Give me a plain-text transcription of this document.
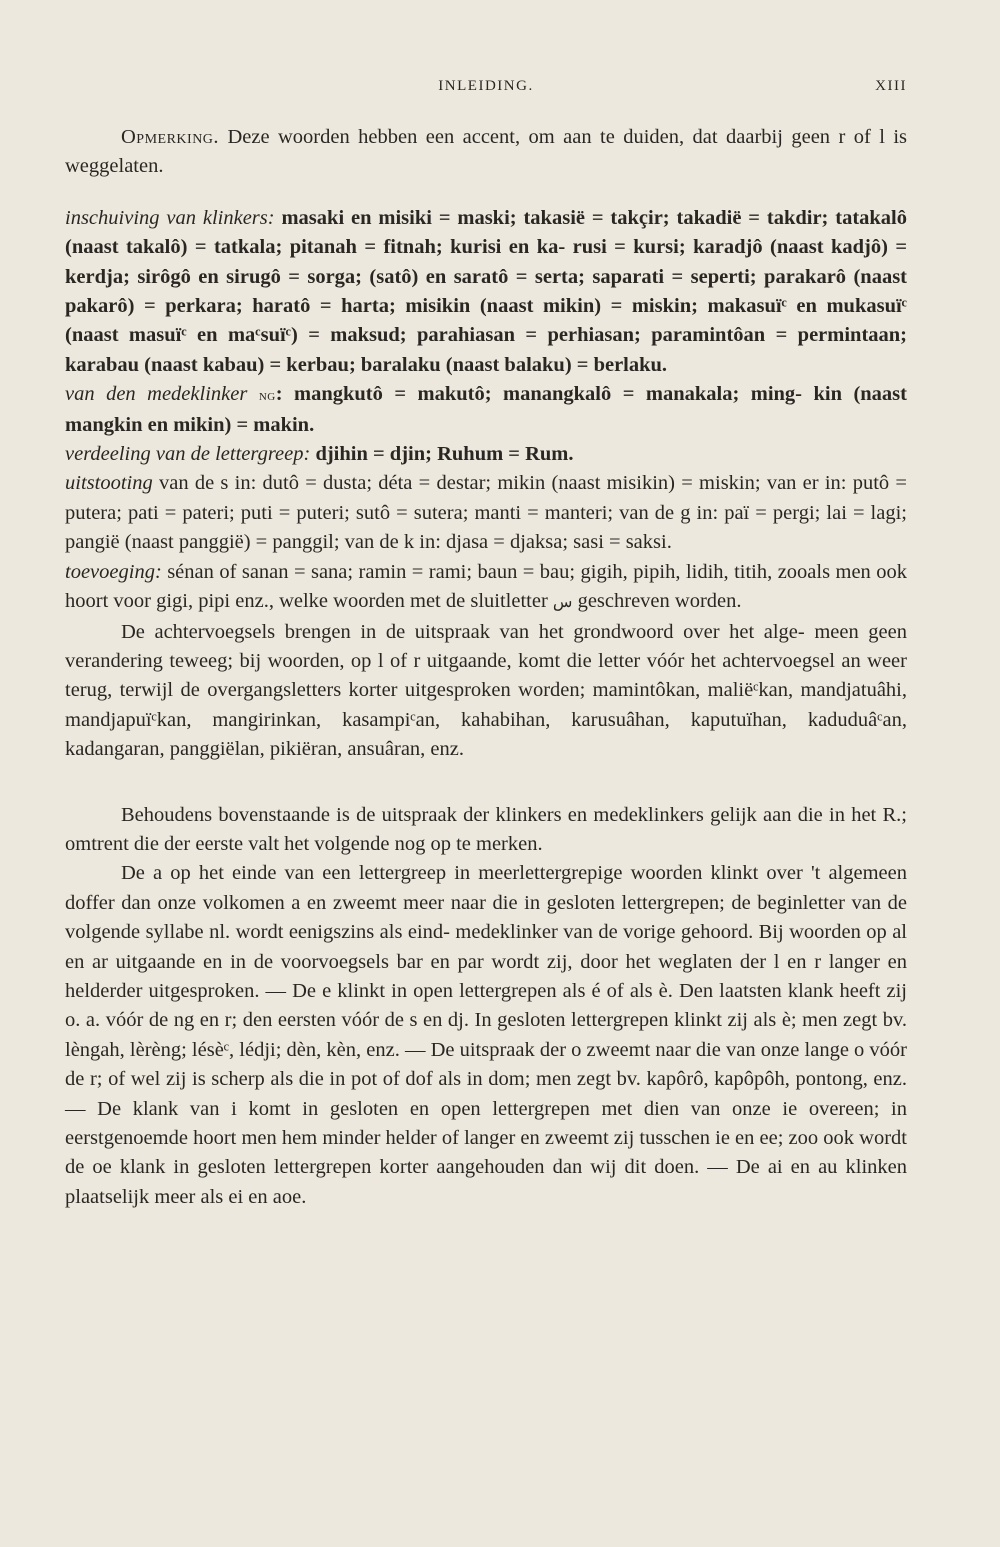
INLEIDING.	XIII

Opmerking. Deze woorden hebben een accent, om aan te duiden, dat daarbij geen r of l is weggelaten.

inschuiving van klinkers: masaki en misiki = maski; takasië = takçir; takadië = takdir; tatakalô (naast takalô) = tatkala; pitanah = fitnah; kurisi en ka- rusi = kursi; karadjô (naast kadjô) = kerdja; sirôgô en sirugô = sorga; (satô) en saratô = serta; saparati = seperti; parakarô (naast pakarô) = perkara; haratô = harta; misikin (naast mikin) = miskin; makasuïᶜ en mukasuïᶜ (naast masuïᶜ en maᶜsuïᶜ) = maksud; parahiasan = perhiasan; paramintôan = permintaan; karabau (naast kabau) = kerbau; baralaku (naast balaku) = berlaku.

van den medeklinker ng: mangkutô = makutô; manangkalô = manakala; ming- kin (naast mangkin en mikin) = makin.

verdeeling van de lettergreep: djihin = djin; Ruhum = Rum.

uitstooting van de s in: dutô = dusta; déta = destar; mikin (naast misikin) = miskin; van er in: putô = putera; pati = pateri; puti = puteri; sutô = sutera; manti = manteri; van de g in: paï = pergi; lai = lagi; pangië (naast panggië) = panggil; van de k in: djasa = djaksa; sasi = saksi.

toevoeging: sénan of sanan = sana; ramin = rami; baun = bau; gigih, pipih, lidih, titih, zooals men ook hoort voor gigi, pipi enz., welke woorden met de sluitletter ﺱ geschreven worden.

De achtervoegsels brengen in de uitspraak van het grondwoord over het alge- meen geen verandering teweeg; bij woorden, op l of r uitgaande, komt die letter vóór het achtervoegsel an weer terug, terwijl de overgangsletters korter uitgesproken worden; mamintôkan, maliëᶜkan, mandjatuâhi, mandjapuïᶜkan, mangirinkan, kasampiᶜan, kahabihan, karusuâhan, kaputuïhan, kaduduâᶜan, kadangaran, panggiëlan, pikiëran, ansuâran, enz.

Behoudens bovenstaande is de uitspraak der klinkers en medeklinkers gelijk aan die in het R.; omtrent die der eerste valt het volgende nog op te merken.

De a op het einde van een lettergreep in meerlettergrepige woorden klinkt over 't algemeen doffer dan onze volkomen a en zweemt meer naar die in gesloten lettergrepen; de beginletter van de volgende syllabe nl. wordt eenigszins als eind- medeklinker van de vorige gehoord. Bij woorden op al en ar uitgaande en in de voorvoegsels bar en par wordt zij, door het weglaten der l en r langer en helderder uitgesproken. — De e klinkt in open lettergrepen als é of als è. Den laatsten klank heeft zij o. a. vóór de ng en r; den eersten vóór de s en dj. In gesloten lettergrepen klinkt zij als è; men zegt bv. lèngah, lèrèng; lésèᶜ, lédji; dèn, kèn, enz. — De uitspraak der o zweemt naar die van onze lange o vóór de r; of wel zij is scherp als die in pot of dof als in dom; men zegt bv. kapôrô, kapôpôh, pontong, enz. — De klank van i komt in gesloten en open lettergrepen met dien van onze ie overeen; in eerstgenoemde hoort men hem minder helder of langer en zweemt zij tusschen ie en ee; zoo ook wordt de oe klank in gesloten lettergrepen korter aangehouden dan wij dit doen. — De ai en au klinken plaatselijk meer als ei en aoe.
